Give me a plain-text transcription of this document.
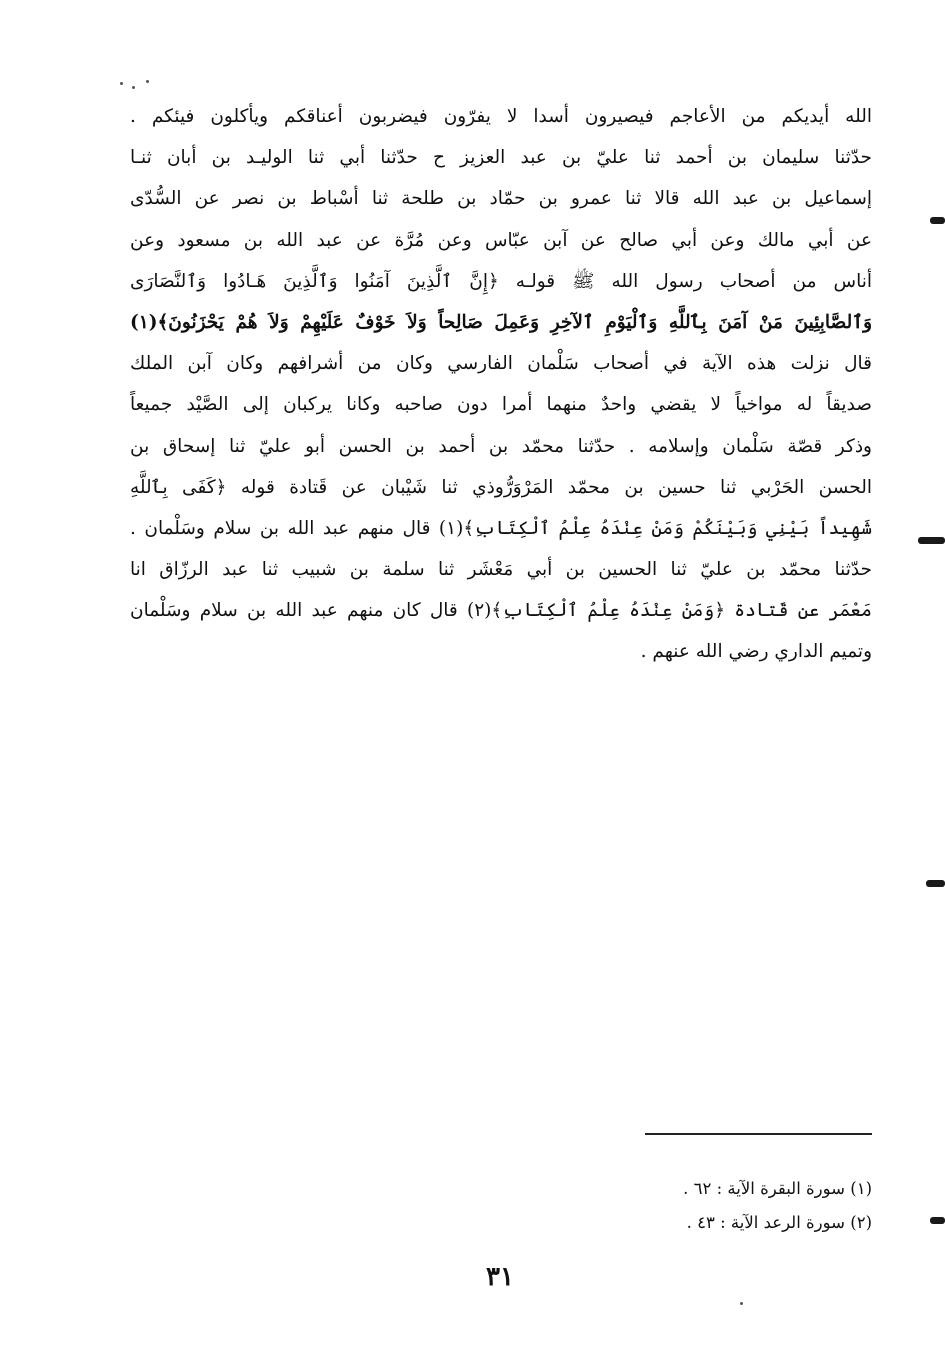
الله أيديكم من الأعاجم فيصيرون أسدا لا يفرّون فيضربون أعناقكم ويأكلون فيئكم .
حدّثنا سليمان بن أحمد ثنا عليّ بن عبد العزيز ح حدّثنا أبي ثنا الوليـد بن أبان ثنـا
إسماعيل بن عبد الله قالا ثنا عمرو بن حمّاد بن طلحة ثنا أسْباط بن نصر عن السُّدّى
عن أبي مالك وعن أبي صالح عن آبن عبّاس وعن مُرَّة عن عبد الله بن مسعود وعن
أناس من أصحاب رسول الله ﷺ قولـه ﴿إِنَّ ٱلَّذِينَ آمَنُوا وَٱلَّذِينَ هَـادُوا وَٱلنَّصَارَى
وَٱلصَّابِئِينَ مَنْ آمَنَ بِٱللَّهِ وَٱلْيَوْمِ ٱلآخِرِ وَعَمِلَ صَالِحاً وَلاَ خَوْفٌ عَلَيْهِمْ وَلاَ هُمْ يَحْزَنُونَ﴾(١)
قال نزلت هذه الآية في أصحاب سَلْمان الفارسي وكان من أشرافهم وكان آبن الملك
صديقاً له مواخياً لا يقضي واحدٌ منهما أمرا دون صاحبه وكانا يركبان إلى الصَّيْد جميعاً
وذكر قصّة سَلْمان وإسلامه . حدّثنا محمّد بن أحمد بن الحسن أبو عليّ ثنا إسحاق بن
الحسن الحَرْبي ثنا حسين بن محمّد المَرْوَرُّوذي ثنا شَيْبان عن قَتادة قوله ﴿كَفَى بِٱللَّهِ
شَهِيداً بَيْنِي وَبَيْنَكُمْ وَمَنْ عِنْدَهُ عِلْمُ ٱلْكِتَابِ﴾(١) قال منهم عبد الله بن سلام وسَلْمان .
حدّثنا محمّد بن عليّ ثنا الحسين بن أبي مَعْشَر ثنا سلمة بن شبيب ثنا عبد الرزّاق انا
مَعْمَر عن قَتادة ﴿وَمَنْ عِنْدَهُ عِلْمُ ٱلْكِتَابِ﴾(٢) قال كان منهم عبد الله بن سلام وسَلْمان
وتميم الداري رضي الله عنهم .
(١) سورة البقرة الآية : ٦٢ .
(٢) سورة الرعد الآية : ٤٣ .
٣١
